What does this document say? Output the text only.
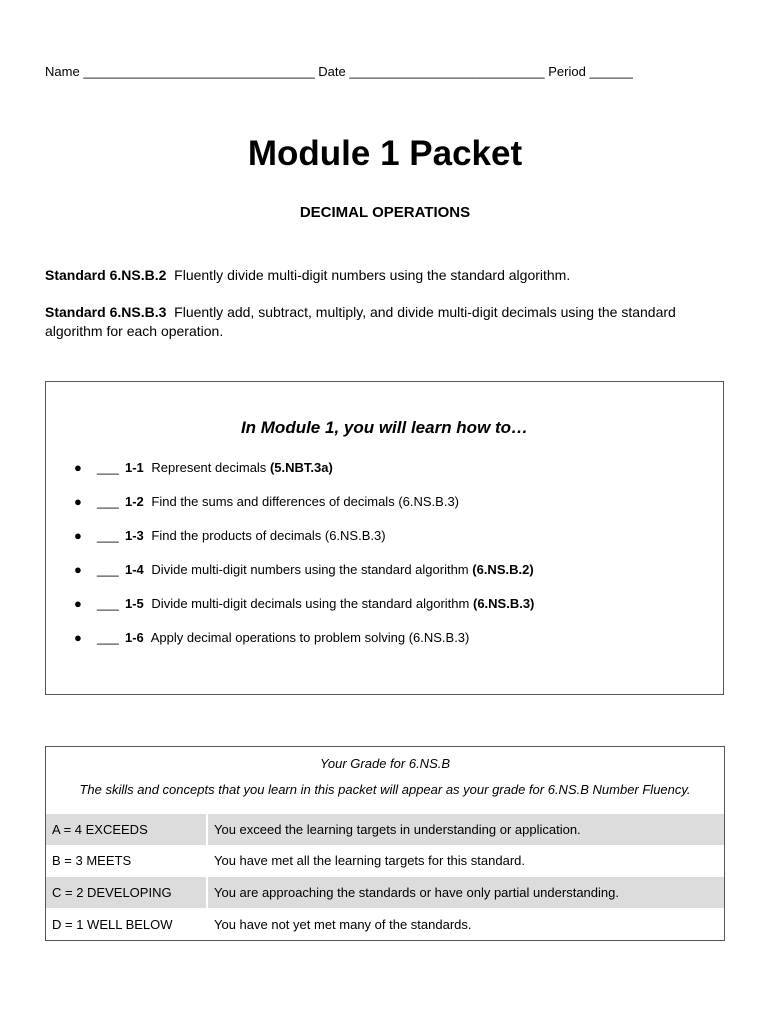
Name ________________________________ Date ___________________________ Period ______
Module 1 Packet
DECIMAL OPERATIONS
Standard 6.NS.B.2 Fluently divide multi-digit numbers using the standard algorithm.
Standard 6.NS.B.3 Fluently add, subtract, multiply, and divide multi-digit decimals using the standard algorithm for each operation.
In Module 1, you will learn how to…
● ___ 1-1 Represent decimals (5.NBT.3a)
● ___ 1-2 Find the sums and differences of decimals (6.NS.B.3)
● ___ 1-3 Find the products of decimals (6.NS.B.3)
● ___ 1-4 Divide multi-digit numbers using the standard algorithm (6.NS.B.2)
● ___ 1-5 Divide multi-digit decimals using the standard algorithm (6.NS.B.3)
● ___ 1-6 Apply decimal operations to problem solving (6.NS.B.3)
Your Grade for 6.NS.B
The skills and concepts that you learn in this packet will appear as your grade for 6.NS.B Number Fluency.
A = 4 EXCEEDS	You exceed the learning targets in understanding or application.
B = 3 MEETS	You have met all the learning targets for this standard.
C = 2 DEVELOPING	You are approaching the standards or have only partial understanding.
D = 1 WELL BELOW	You have not yet met many of the standards.
